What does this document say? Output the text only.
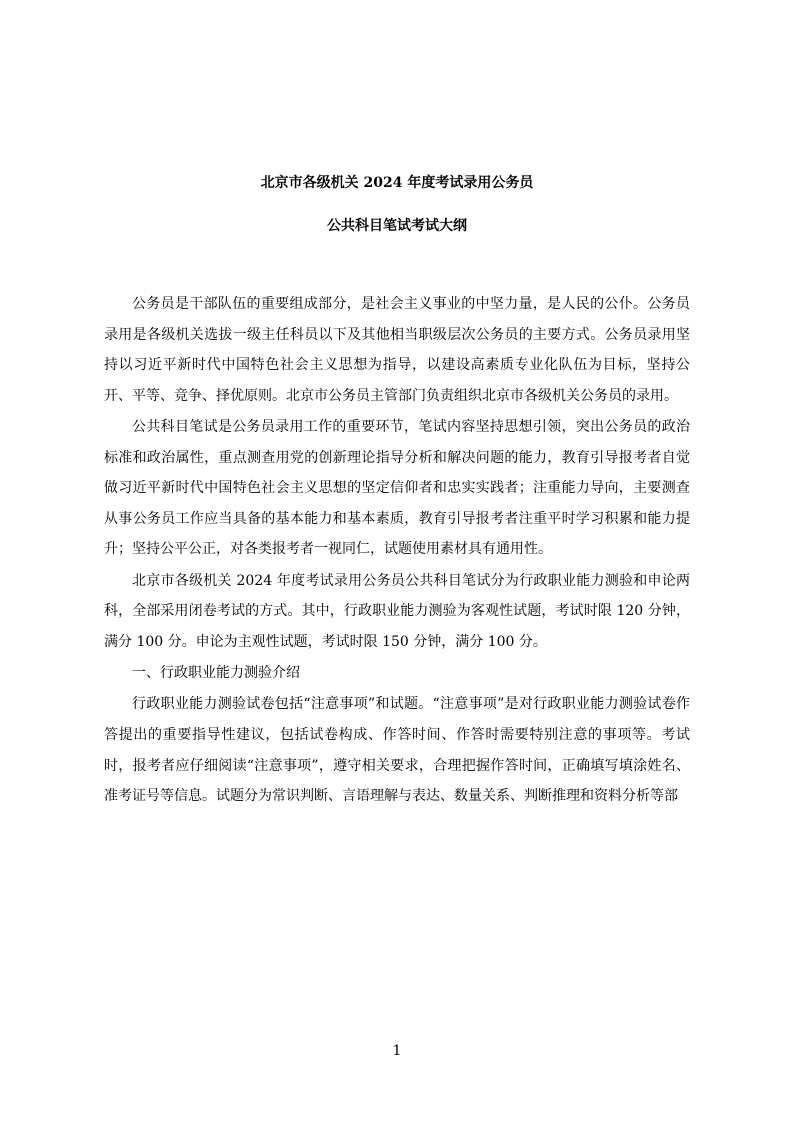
北京市各级机关 2024 年度考试录用公务员
公共科目笔试考试大纲

公务员是干部队伍的重要组成部分，是社会主义事业的中坚力量，是人民的公仆。公务员录用是各级机关选拔一级主任科员以下及其他相当职级层次公务员的主要方式。公务员录用坚持以习近平新时代中国特色社会主义思想为指导，以建设高素质专业化队伍为目标，坚持公开、平等、竞争、择优原则。北京市公务员主管部门负责组织北京市各级机关公务员的录用。

公共科目笔试是公务员录用工作的重要环节，笔试内容坚持思想引领，突出公务员的政治标准和政治属性，重点测查用党的创新理论指导分析和解决问题的能力，教育引导报考者自觉做习近平新时代中国特色社会主义思想的坚定信仰者和忠实实践者；注重能力导向，主要测查从事公务员工作应当具备的基本能力和基本素质，教育引导报考者注重平时学习积累和能力提升；坚持公平公正，对各类报考者一视同仁，试题使用素材具有通用性。

北京市各级机关 2024 年度考试录用公务员公共科目笔试分为行政职业能力测验和申论两科，全部采用闭卷考试的方式。其中，行政职业能力测验为客观性试题，考试时限 120 分钟，满分 100 分。申论为主观性试题，考试时限 150 分钟，满分 100 分。

一、行政职业能力测验介绍

行政职业能力测验试卷包括“注意事项”和试题。“注意事项”是对行政职业能力测验试卷作答提出的重要指导性建议，包括试卷构成、作答时间、作答时需要特别注意的事项等。考试时，报考者应仔细阅读“注意事项”，遵守相关要求，合理把握作答时间，正确填写填涂姓名、准考证号等信息。试题分为常识判断、言语理解与表达、数量关系、判断推理和资料分析等部

1
